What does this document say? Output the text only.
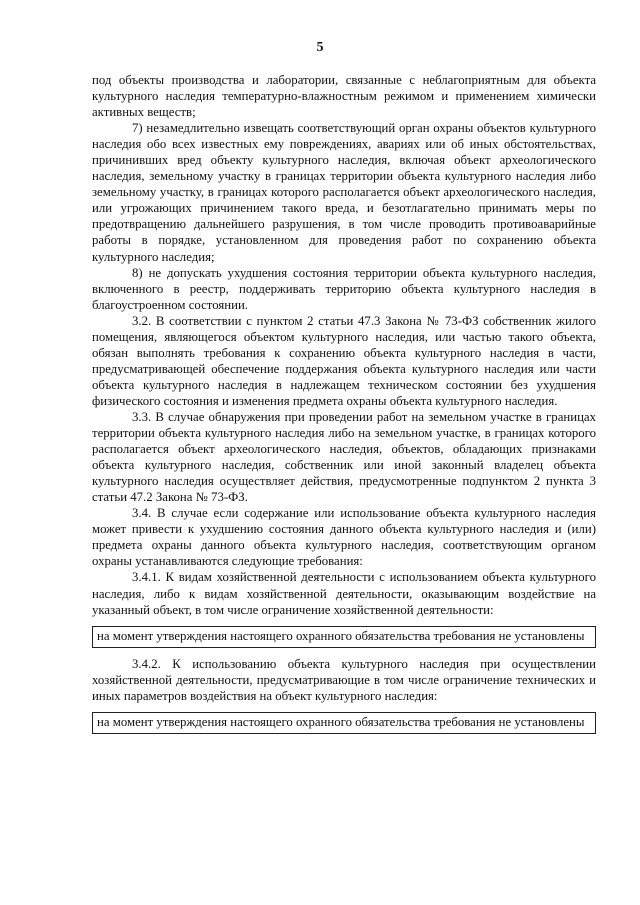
5

под объекты производства и лаборатории, связанные с неблагоприятным для объекта культурного наследия температурно-влажностным режимом и применением химически активных веществ;

7) незамедлительно извещать соответствующий орган охраны объектов культурного наследия обо всех известных ему повреждениях, авариях или об иных обстоятельствах, причинивших вред объекту культурного наследия, включая объект археологического наследия, земельному участку в границах территории объекта культурного наследия либо земельному участку, в границах которого располагается объект археологического наследия, или угрожающих причинением такого вреда, и безотлагательно принимать меры по предотвращению дальнейшего разрушения, в том числе проводить противоаварийные работы в порядке, установленном для проведения работ по сохранению объекта культурного наследия;

8) не допускать ухудшения состояния территории объекта культурного наследия, включенного в реестр, поддерживать территорию объекта культурного наследия в благоустроенном состоянии.

3.2. В соответствии с пунктом 2 статьи 47.3 Закона № 73-ФЗ собственник жилого помещения, являющегося объектом культурного наследия, или частью такого объекта, обязан выполнять требования к сохранению объекта культурного наследия в части, предусматривающей обеспечение поддержания объекта культурного наследия или части объекта культурного наследия в надлежащем техническом состоянии без ухудшения физического состояния и изменения предмета охраны объекта культурного наследия.

3.3. В случае обнаружения при проведении работ на земельном участке в границах территории объекта культурного наследия либо на земельном участке, в границах которого располагается объект археологического наследия, объектов, обладающих признаками объекта культурного наследия, собственник или иной законный владелец объекта культурного наследия осуществляет действия, предусмотренные подпунктом 2 пункта 3 статьи 47.2 Закона № 73-ФЗ.

3.4. В случае если содержание или использование объекта культурного наследия может привести к ухудшению состояния данного объекта культурного наследия и (или) предмета охраны данного объекта культурного наследия, соответствующим органом охраны устанавливаются следующие требования:

3.4.1. К видам хозяйственной деятельности с использованием объекта культурного наследия, либо к видам хозяйственной деятельности, оказывающим воздействие на указанный объект, в том числе ограничение хозяйственной деятельности:

на момент утверждения настоящего охранного обязательства требования не установлены

3.4.2. К использованию объекта культурного наследия при осуществлении хозяйственной деятельности, предусматривающие в том числе ограничение технических и иных параметров воздействия на объект культурного наследия:

на момент утверждения настоящего охранного обязательства требования не установлены
